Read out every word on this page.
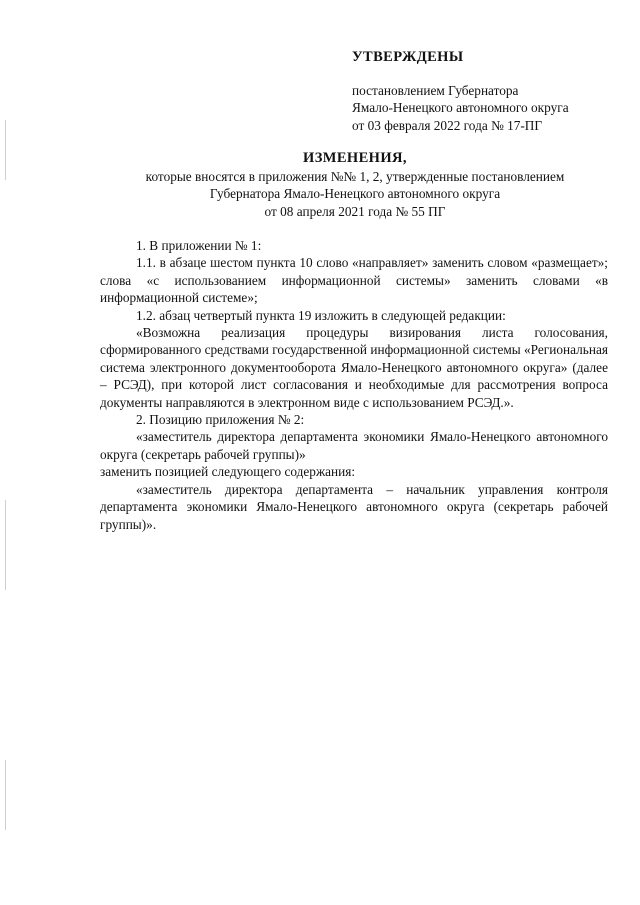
УТВЕРЖДЕНЫ
постановлением Губернатора
Ямало-Ненецкого автономного округа
от 03 февраля 2022 года № 17-ПГ
ИЗМЕНЕНИЯ,
которые вносятся в приложения №№ 1, 2, утвержденные постановлением
Губернатора Ямало-Ненецкого автономного округа
от 08 апреля 2021 года № 55 ПГ

1. В приложении № 1:

1.1. в абзаце шестом пункта 10 слово «направляет» заменить словом «размещает»; слова «с использованием информационной системы» заменить словами «в информационной системе»;

1.2. абзац четвертый пункта 19 изложить в следующей редакции:

«Возможна реализация процедуры визирования листа голосования, сформированного средствами государственной информационной системы «Региональная система электронного документооборота Ямало-Ненецкого автономного округа» (далее – РСЭД), при которой лист согласования и необходимые для рассмотрения вопроса документы направляются в электронном виде с использованием РСЭД.».

2. Позицию приложения № 2:

«заместитель директора департамента экономики Ямало-Ненецкого автономного округа (секретарь рабочей группы)»

заменить позицией следующего содержания:

«заместитель директора департамента – начальник управления контроля департамента экономики Ямало-Ненецкого автономного округа (секретарь рабочей группы)».
